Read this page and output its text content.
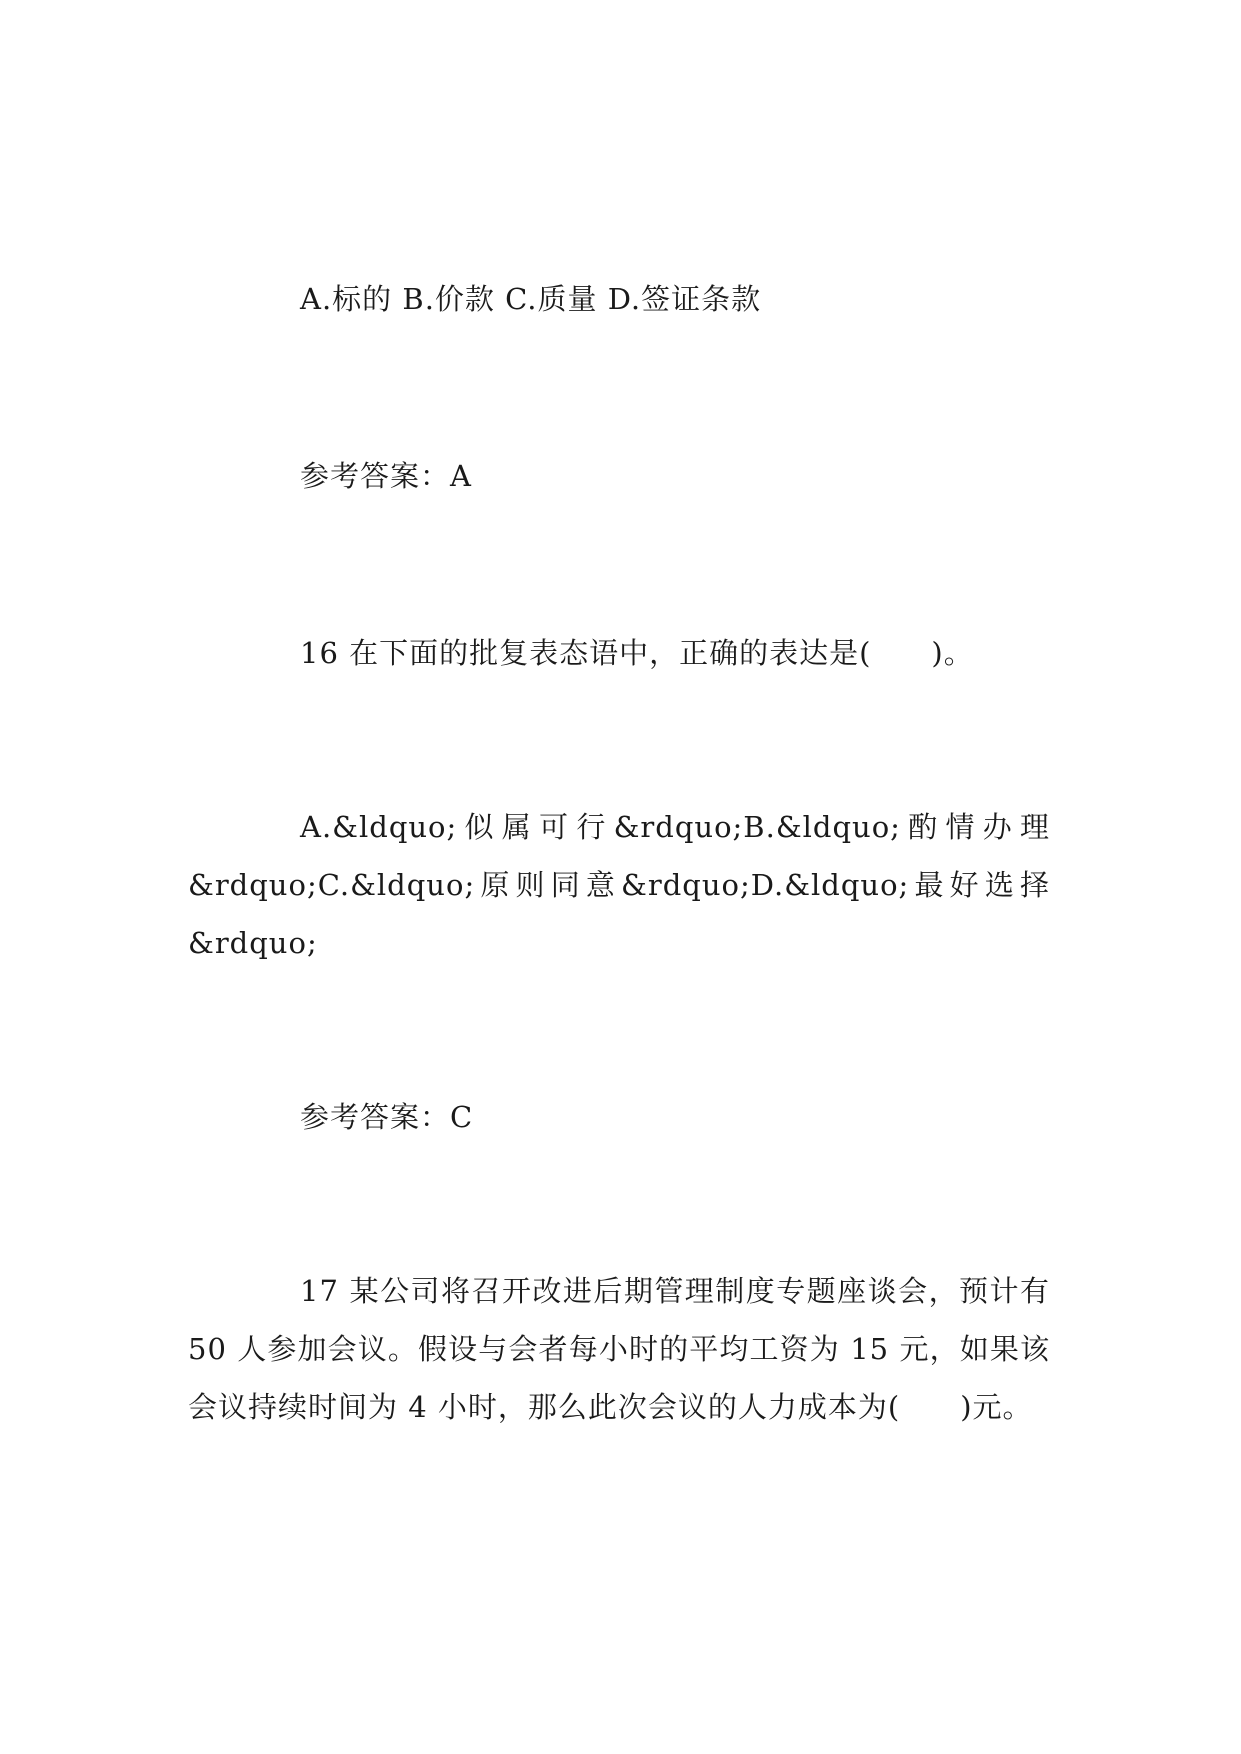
A.标的 B.价款 C.质量 D.签证条款
参考答案：A
16 在下面的批复表态语中，正确的表达是(　　)。
A.&ldquo;似属可行&rdquo;B.&ldquo;酌情办理&rdquo;C.&ldquo;原则同意&rdquo;D.&ldquo;最好选择&rdquo;
参考答案：C
17 某公司将召开改进后期管理制度专题座谈会，预计有 50 人参加会议。假设与会者每小时的平均工资为 15 元，如果该会议持续时间为 4 小时，那么此次会议的人力成本为(　　)元。
